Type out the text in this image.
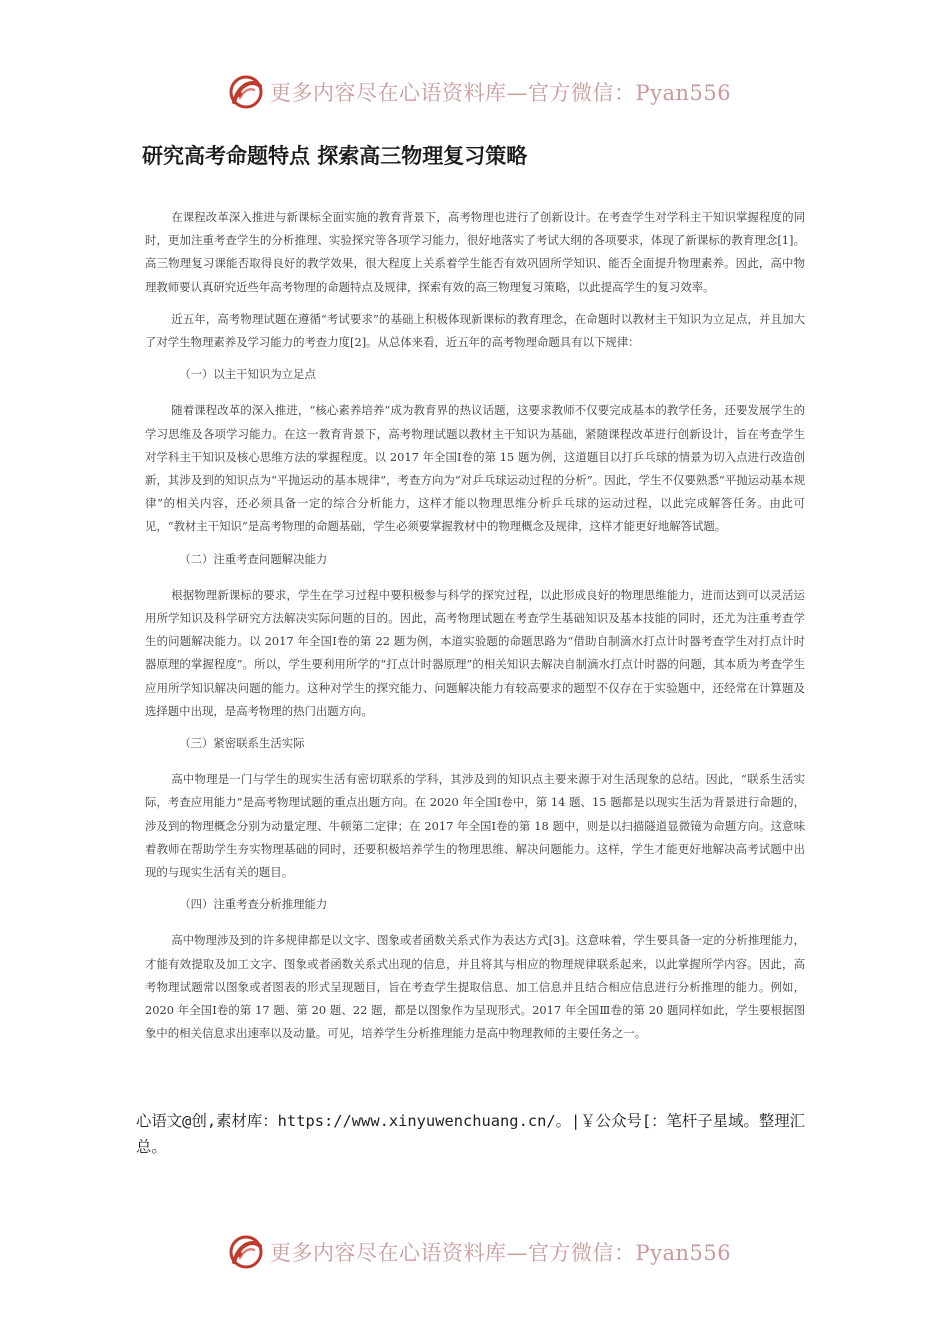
更多内容尽在心语资料库—官方微信：Pyan556
研究高考命题特点 探索高三物理复习策略

在课程改革深入推进与新课标全面实施的教育背景下，高考物理也进行了创新设计。在考查学生对学科主干知识掌握程度的同时，更加注重考查学生的分析推理、实验探究等各项学习能力，很好地落实了考试大纲的各项要求，体现了新课标的教育理念[1]。高三物理复习课能否取得良好的教学效果，很大程度上关系着学生能否有效巩固所学知识、能否全面提升物理素养。因此，高中物理教师要认真研究近些年高考物理的命题特点及规律，探索有效的高三物理复习策略，以此提高学生的复习效率。

近五年，高考物理试题在遵循“考试要求”的基础上积极体现新课标的教育理念，在命题时以教材主干知识为立足点，并且加大了对学生物理素养及学习能力的考查力度[2]。从总体来看，近五年的高考物理命题具有以下规律：

（一）以主干知识为立足点

随着课程改革的深入推进，“核心素养培养”成为教育界的热议话题，这要求教师不仅要完成基本的教学任务，还要发展学生的学习思维及各项学习能力。在这一教育背景下，高考物理试题以教材主干知识为基础，紧随课程改革进行创新设计，旨在考查学生对学科主干知识及核心思维方法的掌握程度。以 2017 年全国Ⅰ卷的第 15 题为例，这道题目以打乒乓球的情景为切入点进行改造创新，其涉及到的知识点为“平抛运动的基本规律”，考查方向为“对乒乓球运动过程的分析”。因此，学生不仅要熟悉“平抛运动基本规律”的相关内容，还必须具备一定的综合分析能力，这样才能以物理思维分析乒乓球的运动过程，以此完成解答任务。由此可见，“教材主干知识”是高考物理的命题基础，学生必须要掌握教材中的物理概念及规律，这样才能更好地解答试题。

（二）注重考查问题解决能力

根据物理新课标的要求，学生在学习过程中要积极参与科学的探究过程，以此形成良好的物理思维能力，进而达到可以灵活运用所学知识及科学研究方法解决实际问题的目的。因此，高考物理试题在考查学生基础知识及基本技能的同时，还尤为注重考查学生的问题解决能力。以 2017 年全国Ⅰ卷的第 22 题为例，本道实验题的命题思路为“借助自制滴水打点计时器考查学生对打点计时器原理的掌握程度”。所以，学生要利用所学的“打点计时器原理”的相关知识去解决自制滴水打点计时器的问题，其本质为考查学生应用所学知识解决问题的能力。这种对学生的探究能力、问题解决能力有较高要求的题型不仅存在于实验题中，还经常在计算题及选择题中出现，是高考物理的热门出题方向。

（三）紧密联系生活实际

高中物理是一门与学生的现实生活有密切联系的学科，其涉及到的知识点主要来源于对生活现象的总结。因此，“联系生活实际，考查应用能力”是高考物理试题的重点出题方向。在 2020 年全国Ⅰ卷中，第 14 题、15 题都是以现实生活为背景进行命题的，涉及到的物理概念分别为动量定理、牛顿第二定律；在 2017 年全国Ⅰ卷的第 18 题中，则是以扫描隧道显微镜为命题方向。这意味着教师在帮助学生夯实物理基础的同时，还要积极培养学生的物理思维、解决问题能力。这样，学生才能更好地解决高考试题中出现的与现实生活有关的题目。

（四）注重考查分析推理能力

高中物理涉及到的许多规律都是以文字、图象或者函数关系式作为表达方式[3]。这意味着，学生要具备一定的分析推理能力，才能有效提取及加工文字、图象或者函数关系式出现的信息，并且将其与相应的物理规律联系起来，以此掌握所学内容。因此，高考物理试题常以图象或者图表的形式呈现题目，旨在考查学生提取信息、加工信息并且结合相应信息进行分析推理的能力。例如，2020 年全国Ⅰ卷的第 17 题、第 20 题、22 题，都是以图象作为呈现形式。2017 年全国Ⅲ卷的第 20 题同样如此，学生要根据图象中的相关信息求出速率以及动量。可见，培养学生分析推理能力是高中物理教师的主要任务之一。

心语文@创,素材库：https://www.xinyuwenchuang.cn/。|￥公众号[：笔杆子星域。整理汇总。
更多内容尽在心语资料库—官方微信：Pyan556
